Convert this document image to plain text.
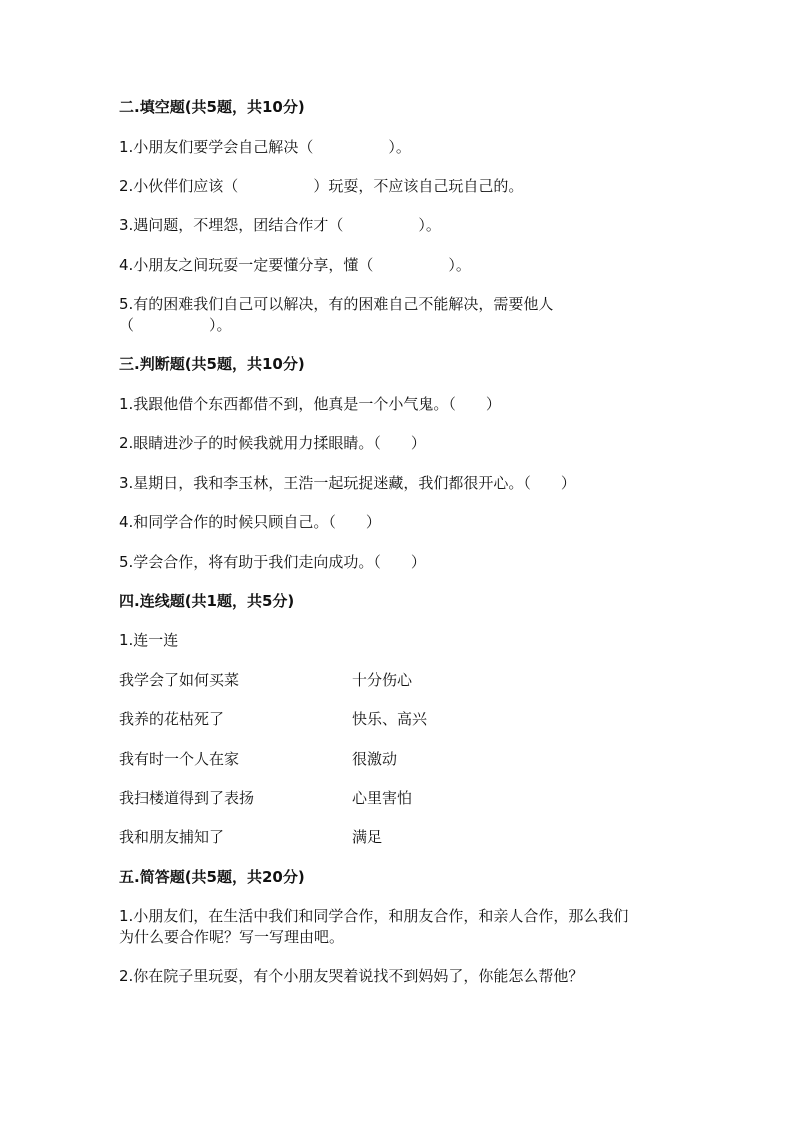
二.填空题(共5题，共10分)
1.小朋友们要学会自己解决（　　　　　）。
2.小伙伴们应该（　　　　　）玩耍，不应该自己玩自己的。
3.遇问题，不埋怨，团结合作才（　　　　　）。
4.小朋友之间玩耍一定要懂分享，懂（　　　　　）。
5.有的困难我们自己可以解决，有的困难自己不能解决，需要他人
（　　　　　）。
三.判断题(共5题，共10分)
1.我跟他借个东西都借不到，他真是一个小气鬼。（　　）
2.眼睛进沙子的时候我就用力揉眼睛。（　　）
3.星期日，我和李玉林，王浩一起玩捉迷藏，我们都很开心。（　　）
4.和同学合作的时候只顾自己。（　　）
5.学会合作，将有助于我们走向成功。（　　）
四.连线题(共1题，共5分)
1.连一连
我学会了如何买菜	十分伤心
我养的花枯死了	快乐、高兴
我有时一个人在家	很激动
我扫楼道得到了表扬	心里害怕
我和朋友捕知了	满足
五.简答题(共5题，共20分)
1.小朋友们，在生活中我们和同学合作，和朋友合作，和亲人合作，那么我们
为什么要合作呢？写一写理由吧。
2.你在院子里玩耍，有个小朋友哭着说找不到妈妈了，你能怎么帮他？
